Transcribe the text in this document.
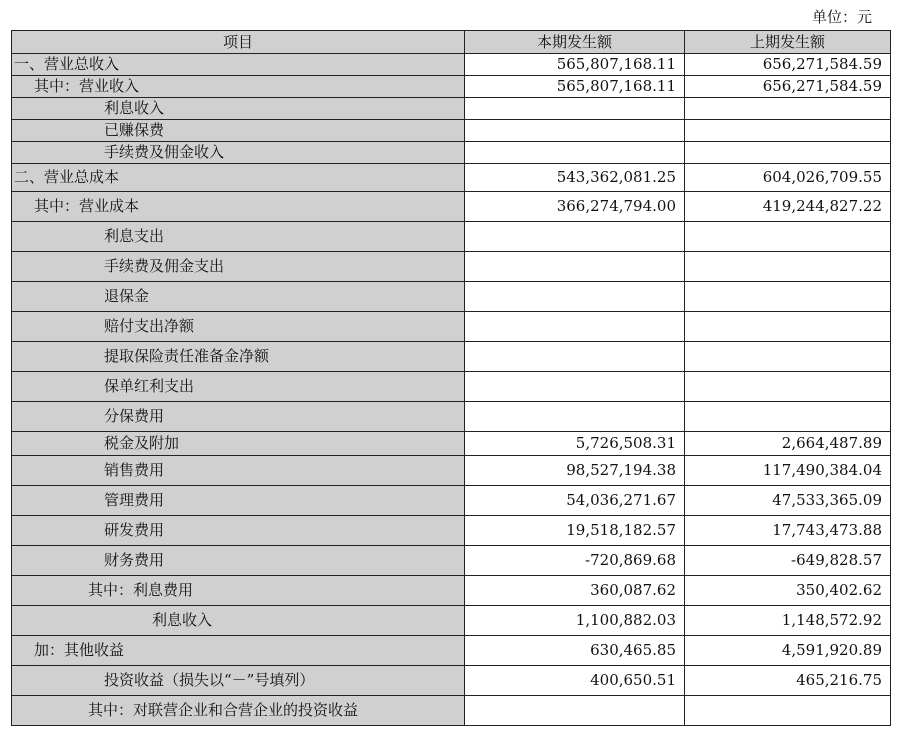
单位：元
项目	本期发生额	上期发生额
一、营业总收入	565,807,168.11	656,271,584.59
其中：营业收入	565,807,168.11	656,271,584.59
利息收入		
已赚保费		
手续费及佣金收入		
二、营业总成本	543,362,081.25	604,026,709.55
其中：营业成本	366,274,794.00	419,244,827.22
利息支出		
手续费及佣金支出		
退保金		
赔付支出净额		
提取保险责任准备金净额		
保单红利支出		
分保费用		
税金及附加	5,726,508.31	2,664,487.89
销售费用	98,527,194.38	117,490,384.04
管理费用	54,036,271.67	47,533,365.09
研发费用	19,518,182.57	17,743,473.88
财务费用	-720,869.68	-649,828.57
其中：利息费用	360,087.62	350,402.62
利息收入	1,100,882.03	1,148,572.92
加：其他收益	630,465.85	4,591,920.89
投资收益（损失以“－”号填列）	400,650.51	465,216.75
其中：对联营企业和合营企业的投资收益		
